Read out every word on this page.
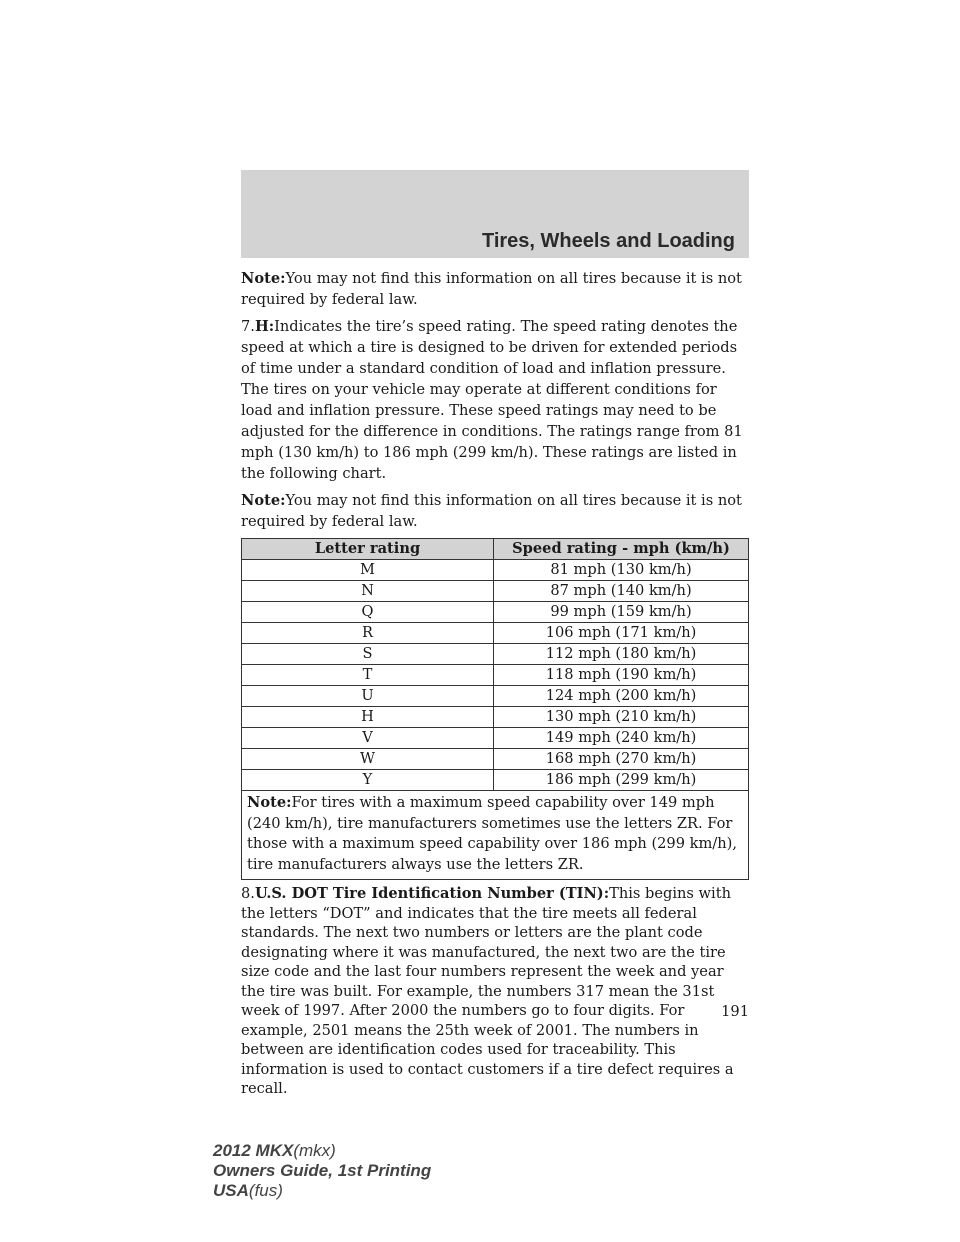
Tires, Wheels and Loading

Note:You may not find this information on all tires because it is not required by federal law.

7.H:Indicates the tire’s speed rating. The speed rating denotes the speed at which a tire is designed to be driven for extended periods of time under a standard condition of load and inflation pressure. The tires on your vehicle may operate at different conditions for load and inflation pressure. These speed ratings may need to be adjusted for the difference in conditions. The ratings range from 81 mph (130 km/h) to 186 mph (299 km/h). These ratings are listed in the following chart.

Note:You may not find this information on all tires because it is not required by federal law.

Letter rating	Speed rating - mph (km/h)
M	81 mph (130 km/h)
N	87 mph (140 km/h)
Q	99 mph (159 km/h)
R	106 mph (171 km/h)
S	112 mph (180 km/h)
T	118 mph (190 km/h)
U	124 mph (200 km/h)
H	130 mph (210 km/h)
V	149 mph (240 km/h)
W	168 mph (270 km/h)
Y	186 mph (299 km/h)
Note:For tires with a maximum speed capability over 149 mph (240 km/h), tire manufacturers sometimes use the letters ZR. For those with a maximum speed capability over 186 mph (299 km/h), tire manufacturers always use the letters ZR.	

8.U.S. DOT Tire Identification Number (TIN):This begins with the letters “DOT” and indicates that the tire meets all federal standards. The next two numbers or letters are the plant code designating where it was manufactured, the next two are the tire size code and the last four numbers represent the week and year the tire was built. For example, the numbers 317 mean the 31st week of 1997. After 2000 the numbers go to four digits. For example, 2501 means the 25th week of 2001. The numbers in between are identification codes used for traceability. This information is used to contact customers if a tire defect requires a recall.

191
2012 MKX(mkx)
Owners Guide, 1st Printing
USA(fus)
